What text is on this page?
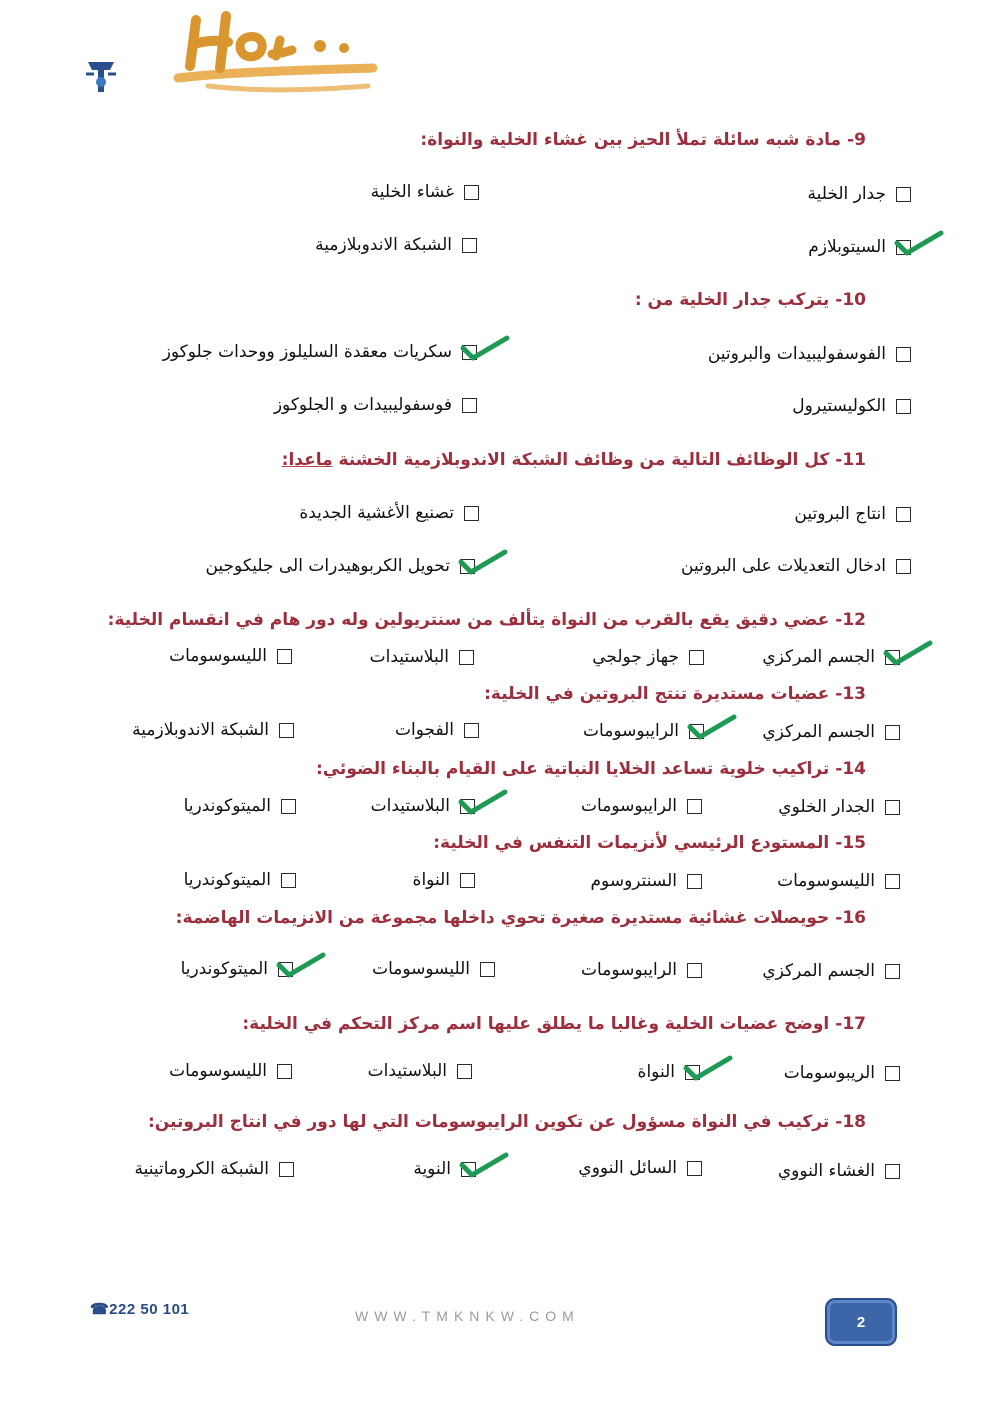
9-مادة شبه سائلة تملأ الحيز بين غشاء الخلية والنواة:
جدار الخلية
غشاء الخلية
السيتوبلازم
الشبكة الاندوبلازمية
10-يتركب جدار الخلية من :
الفوسفوليبيدات والبروتين
سكريات معقدة السليلوز ووحدات جلوكوز
الكوليستيرول
فوسفوليبيدات و الجلوكوز
11-كل الوظائف التالية من وظائف الشبكة الاندوبلازمية الخشنة ماعدا:
انتاج البروتين
تصنيع الأغشية الجديدة
ادخال التعديلات على البروتين
تحويل الكربوهيدرات الى جليكوجين
12-عضي دقيق يقع بالقرب من النواة يتألف من سنتريولين وله دور هام في انقسام الخلية:
الجسم المركزي
جهاز جولجي
البلاستيدات
الليسوسومات
13-عضيات مستديرة تنتج البروتين في الخلية:
الجسم المركزي
الرايبوسومات
الفجوات
الشبكة الاندوبلازمية
14-تراكيب خلوية تساعد الخلايا النباتية على القيام بالبناء الضوئي:
الجدار الخلوي
الرايبوسومات
البلاستيدات
الميتوكوندريا
15-المستودع الرئيسي لأنزيمات التنفس في الخلية:
الليسوسومات
السنتروسوم
النواة
الميتوكوندريا
16-حويصلات غشائية مستديرة صغيرة تحوي داخلها مجموعة من الانزيمات الهاضمة:
الجسم المركزي
الرايبوسومات
الليسوسومات
الميتوكوندريا
17-اوضح عضيات الخلية وغالبا ما يطلق عليها اسم مركز التحكم في الخلية:
الريبوسومات
النواة
البلاستيدات
الليسوسومات
18-تركيب في النواة مسؤول عن تكوين الرايبوسومات التي لها دور في انتاج البروتين:
الغشاء النووي
السائل النووي
النوية
الشبكة الكروماتينية
☎222 50 101	WWW.TMKNKW.COM	2
